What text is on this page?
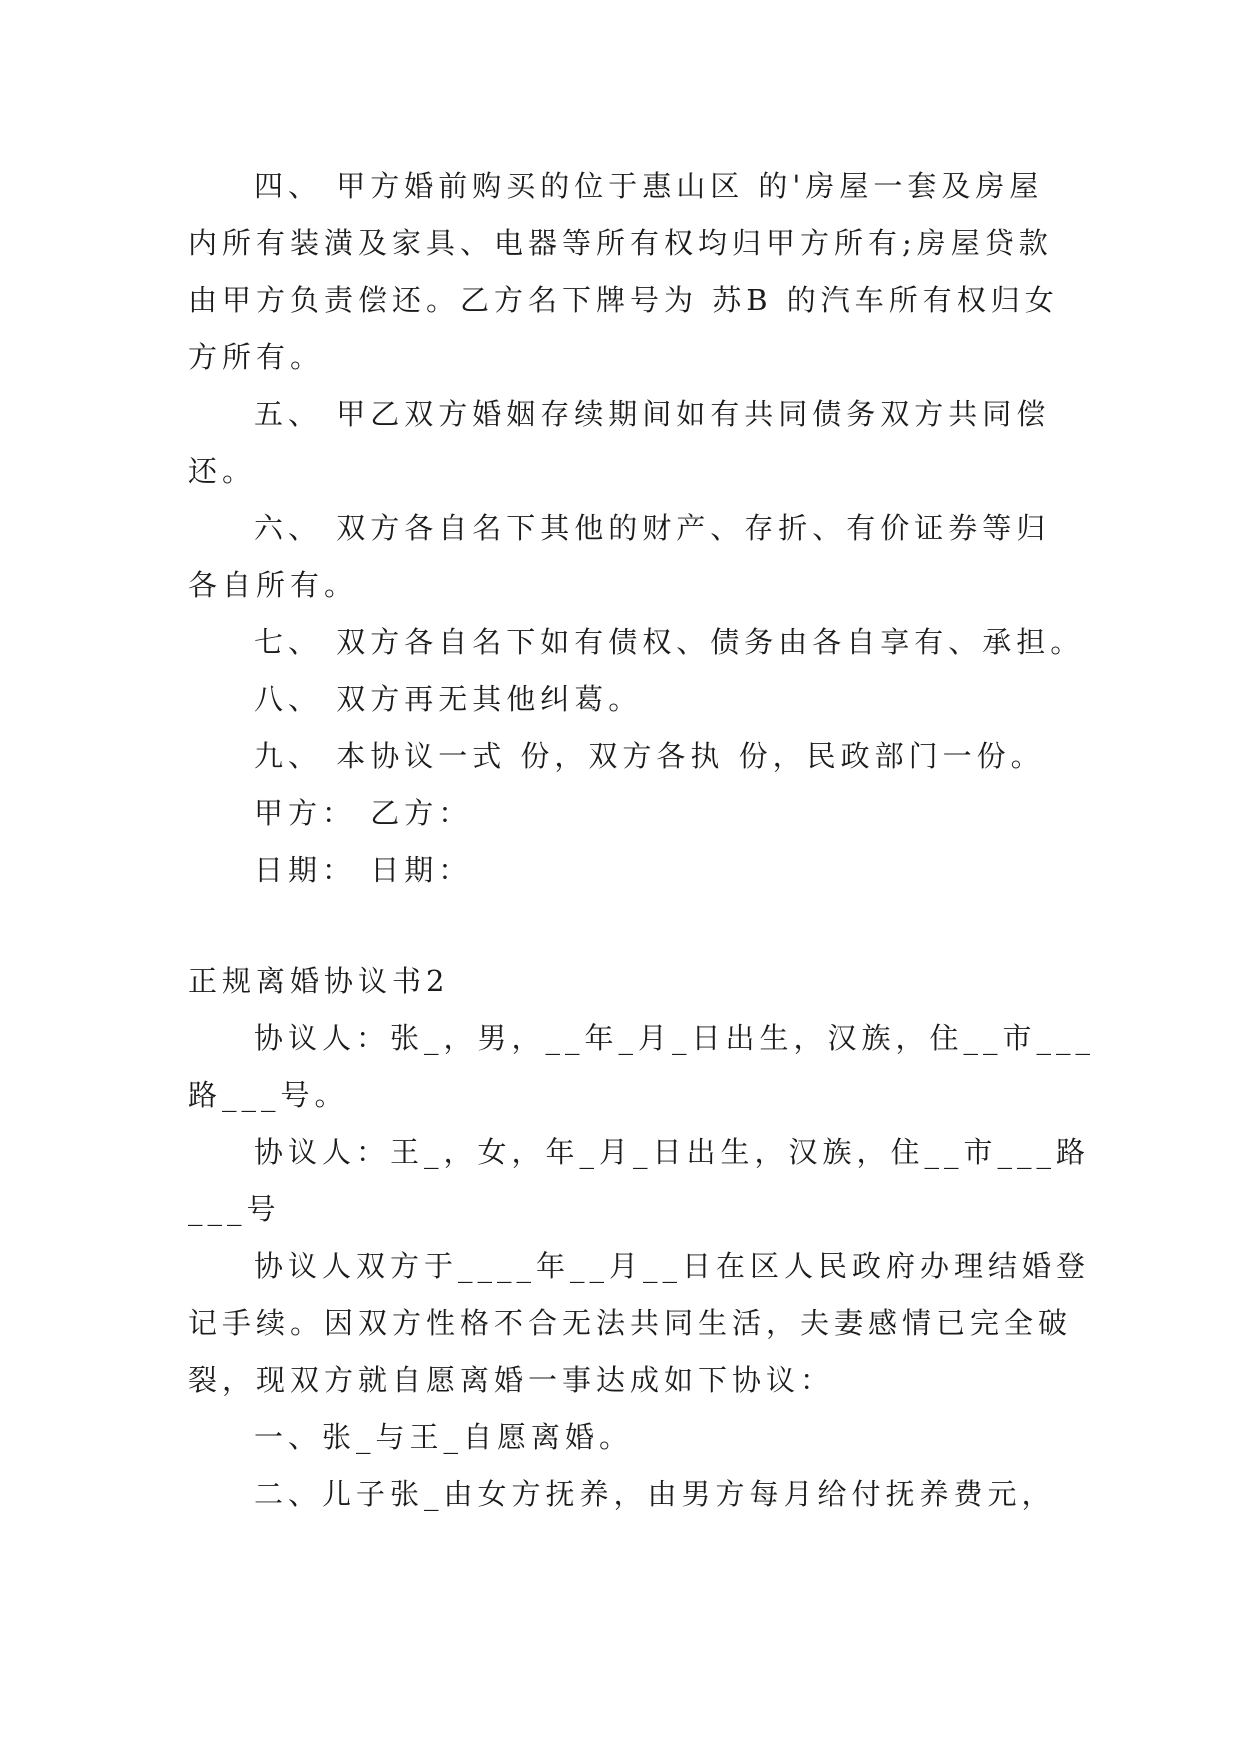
四、 甲方婚前购买的位于惠山区 的'房屋一套及房屋

内所有装潢及家具、电器等所有权均归甲方所有;房屋贷款

由甲方负责偿还。乙方名下牌号为 苏B 的汽车所有权归女

方所有。

五、 甲乙双方婚姻存续期间如有共同债务双方共同偿

还。

六、 双方各自名下其他的财产、存折、有价证券等归

各自所有。

七、 双方各自名下如有债权、债务由各自享有、承担。

八、 双方再无其他纠葛。

九、 本协议一式 份，双方各执 份，民政部门一份。

甲方： 乙方：

日期： 日期：

正规离婚协议书2

协议人：张_，男，__年_月_日出生，汉族，住__市___

路___号。

协议人：王_，女，年_月_日出生，汉族，住__市___路

___号

协议人双方于____年__月__日在区人民政府办理结婚登

记手续。因双方性格不合无法共同生活，夫妻感情已完全破

裂，现双方就自愿离婚一事达成如下协议：

一、张_与王_自愿离婚。

二、儿子张_由女方抚养，由男方每月给付抚养费元，
